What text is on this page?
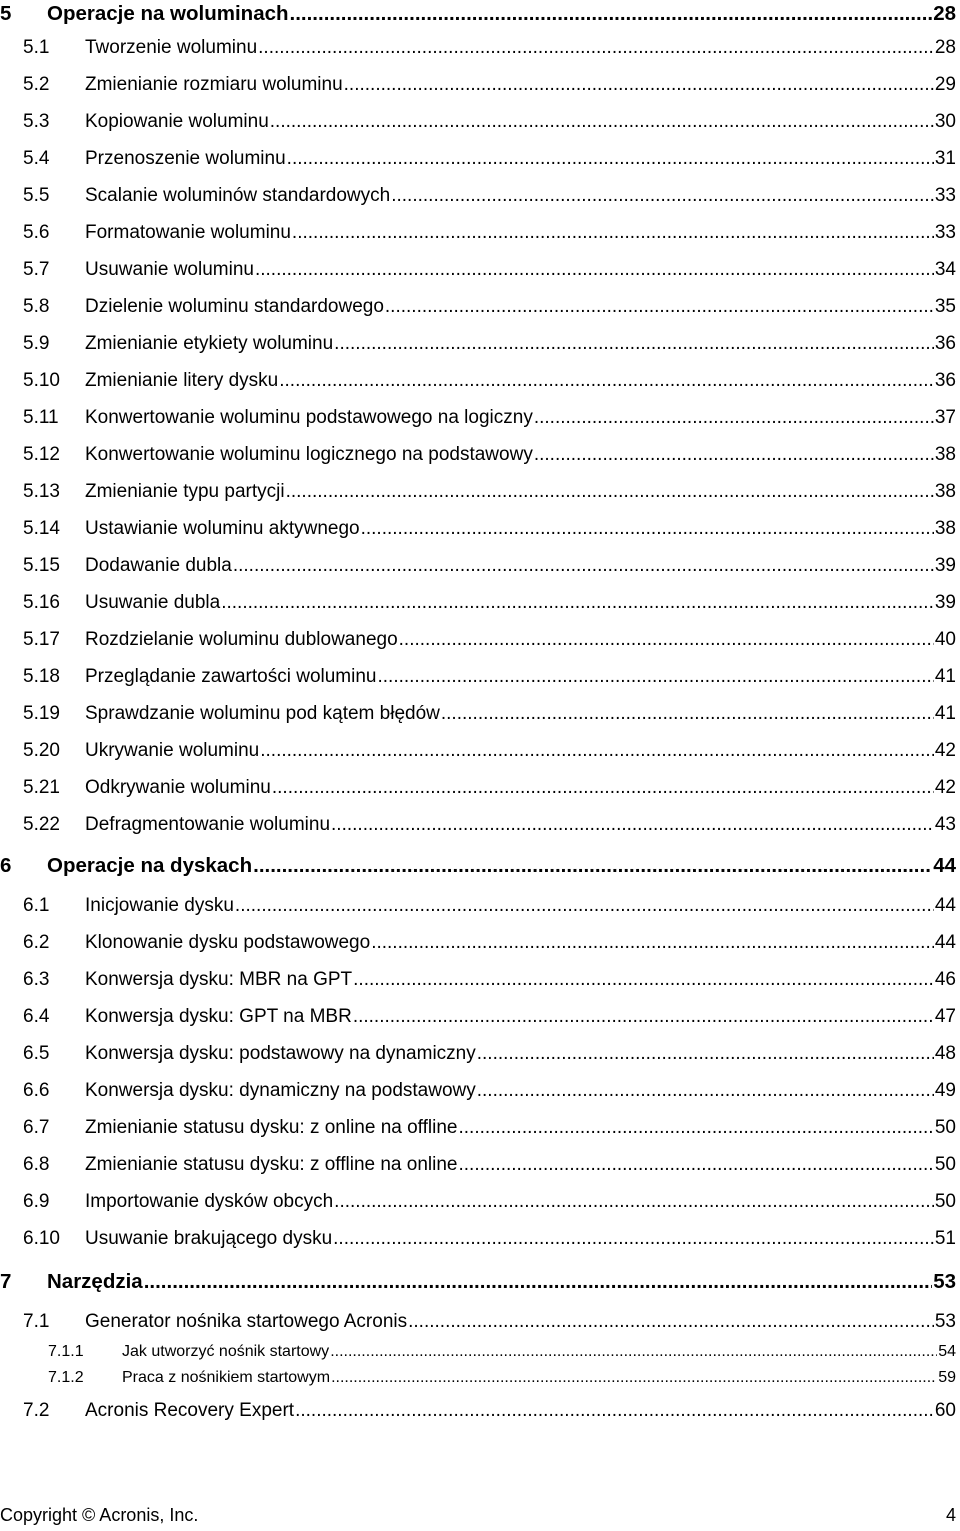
5	Operacje na woluminach .....	28
5.1	Tworzenie woluminu .....	28
5.2	Zmienianie rozmiaru woluminu .....	29
5.3	Kopiowanie woluminu .....	30
5.4	Przenoszenie woluminu .....	31
5.5	Scalanie woluminów standardowych .....	33
5.6	Formatowanie woluminu .....	33
5.7	Usuwanie woluminu .....	34
5.8	Dzielenie woluminu standardowego .....	35
5.9	Zmienianie etykiety woluminu .....	36
5.10	Zmienianie litery dysku .....	36
5.11	Konwertowanie woluminu podstawowego na logiczny .....	37
5.12	Konwertowanie woluminu logicznego na podstawowy .....	38
5.13	Zmienianie typu partycji .....	38
5.14	Ustawianie woluminu aktywnego .....	38
5.15	Dodawanie dubla .....	39
5.16	Usuwanie dubla .....	39
5.17	Rozdzielanie woluminu dublowanego .....	40
5.18	Przeglądanie zawartości woluminu .....	41
5.19	Sprawdzanie woluminu pod kątem błędów .....	41
5.20	Ukrywanie woluminu .....	42
5.21	Odkrywanie woluminu .....	42
5.22	Defragmentowanie woluminu .....	43
6	Operacje na dyskach .....	44
6.1	Inicjowanie dysku .....	44
6.2	Klonowanie dysku podstawowego .....	44
6.3	Konwersja dysku: MBR na GPT .....	46
6.4	Konwersja dysku: GPT na MBR .....	47
6.5	Konwersja dysku: podstawowy na dynamiczny .....	48
6.6	Konwersja dysku: dynamiczny na podstawowy .....	49
6.7	Zmienianie statusu dysku: z online na offline .....	50
6.8	Zmienianie statusu dysku: z offline na online .....	50
6.9	Importowanie dysków obcych .....	50
6.10	Usuwanie brakującego dysku .....	51
7	Narzędzia .....	53
7.1	Generator nośnika startowego Acronis .....	53
7.1.1	Jak utworzyć nośnik startowy .....	54
7.1.2	Praca z nośnikiem startowym .....	59
7.2	Acronis Recovery Expert .....	60
Copyright © Acronis, Inc.	4
